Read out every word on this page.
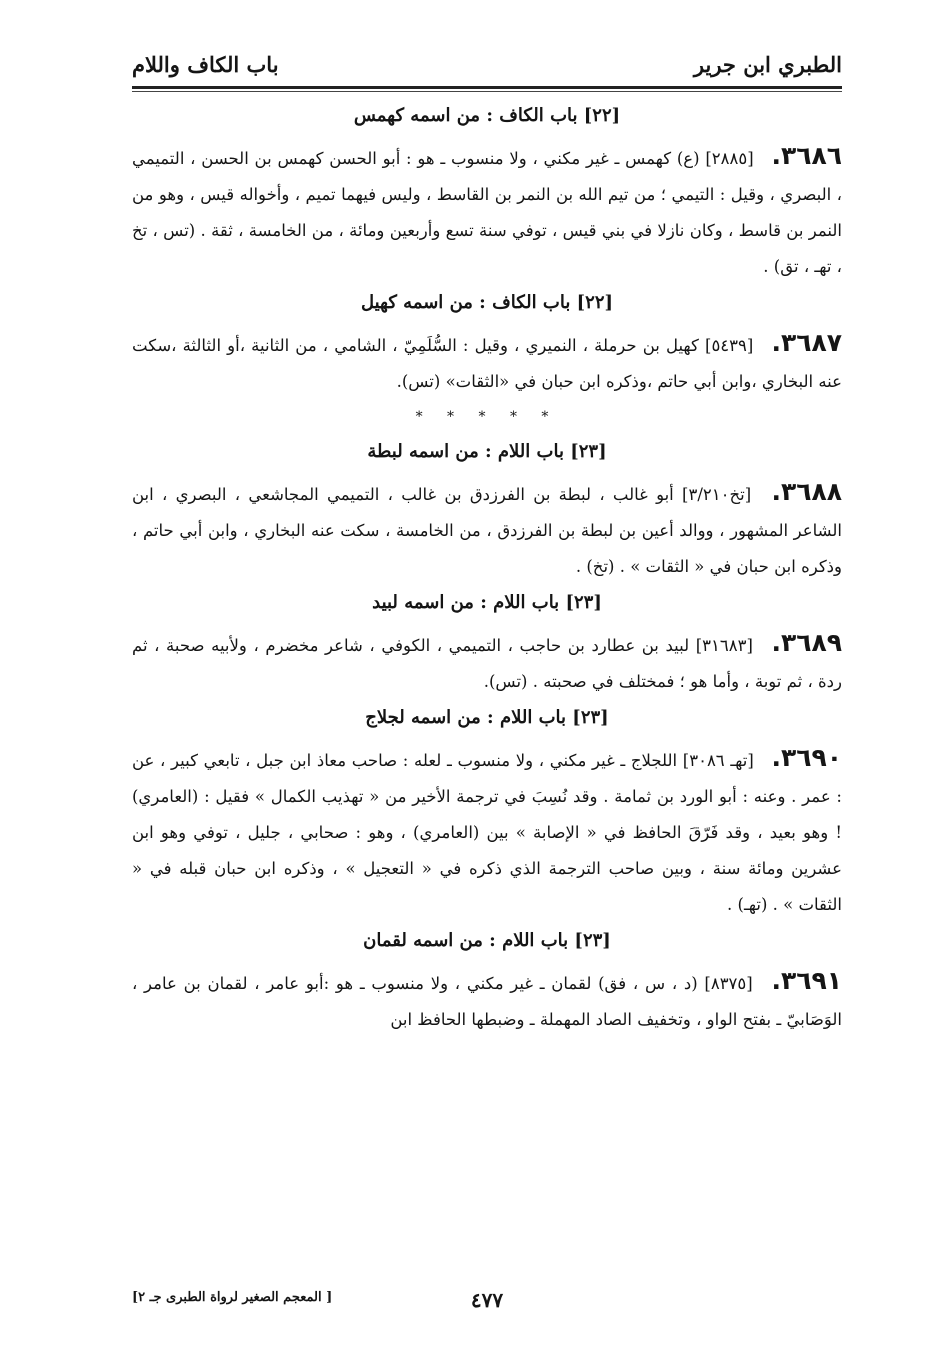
الطبري ابن جرير
باب الكاف واللام
[٢٢] باب الكاف : من اسمه كهمس

٣٦٨٦. [٢٨٨٥] (ع) كهمس ـ غير مكني ، ولا منسوب ـ هو : أبو الحسن كهمس بن الحسن ، التميمي ، البصري ، وقيل : التيمي ؛ من تيم الله بن النمر بن القاسط ، وليس فيهما تميم ، وأخواله قيس ، وهو من النمر بن قاسط ، وكان نازلا في بني قيس ، توفي سنة تسع وأربعين ومائة ، من الخامسة ، ثقة . (تس ، تخ ، تهـ ، تق) .

[٢٢] باب الكاف : من اسمه كهيل

٣٦٨٧. [٥٤٣٩] كهيل بن حرملة ، النميري ، وقيل : السُّلَمِيّ ، الشامي ، من الثانية ،أو الثالثة ،سكت عنه البخاري ،وابن أبي حاتم ،وذكره ابن حبان في «الثقات» (تس).

* * * * *
[٢٣] باب اللام : من اسمه لبطة

٣٦٨٨. [تخ٣/٢١٠] أبو غالب ، لبطة بن الفرزدق بن غالب ، التميمي المجاشعي ، البصري ، ابن الشاعر المشهور ، ووالد أعين بن لبطة بن الفرزدق ، من الخامسة ، سكت عنه البخاري ، وابن أبي حاتم ، وذكره ابن حبان في « الثقات » . (تخ) .

[٢٣] باب اللام : من اسمه لبيد

٣٦٨٩. [٣١٦٨٣] لبيد بن عطارد بن حاجب ، التميمي ، الكوفي ، شاعر مخضرم ، ولأبيه صحبة ، ثم ردة ، ثم توبة ، وأما هو ؛ فمختلف في صحبته . (تس).

[٢٣] باب اللام : من اسمه لجلاج

٣٦٩٠. [تهـ ٣٠٨٦] اللجلاج ـ غير مكني ، ولا منسوب ـ لعله : صاحب معاذ ابن جبل ، تابعي كبير ، عن : عمر . وعنه : أبو الورد بن ثمامة . وقد نُسِبَ في ترجمة الأخير من « تهذيب الكمال » فقيل : (العامري) ! وهو بعيد ، وقد فَرّقَ الحافظ في « الإصابة » بين (العامري) ، وهو : صحابي ، جليل ، توفي وهو ابن عشرين ومائة سنة ، وبين صاحب الترجمة الذي ذكره في « التعجيل » ، وذكره ابن حبان قبله في « الثقات » . (تهـ) .

[٢٣] باب اللام : من اسمه لقمان

٣٦٩١. [٨٣٧٥] (د ، س ، فق) لقمان ـ غير مكني ، ولا منسوب ـ هو :أبو عامر ، لقمان بن عامر ، الوَصَابيّ ـ بفتح الواو ، وتخفيف الصاد المهملة ـ وضبطها الحافظ ابن

٤٧٧
[ المعجم الصغير لرواة الطبرى جـ ٢]
